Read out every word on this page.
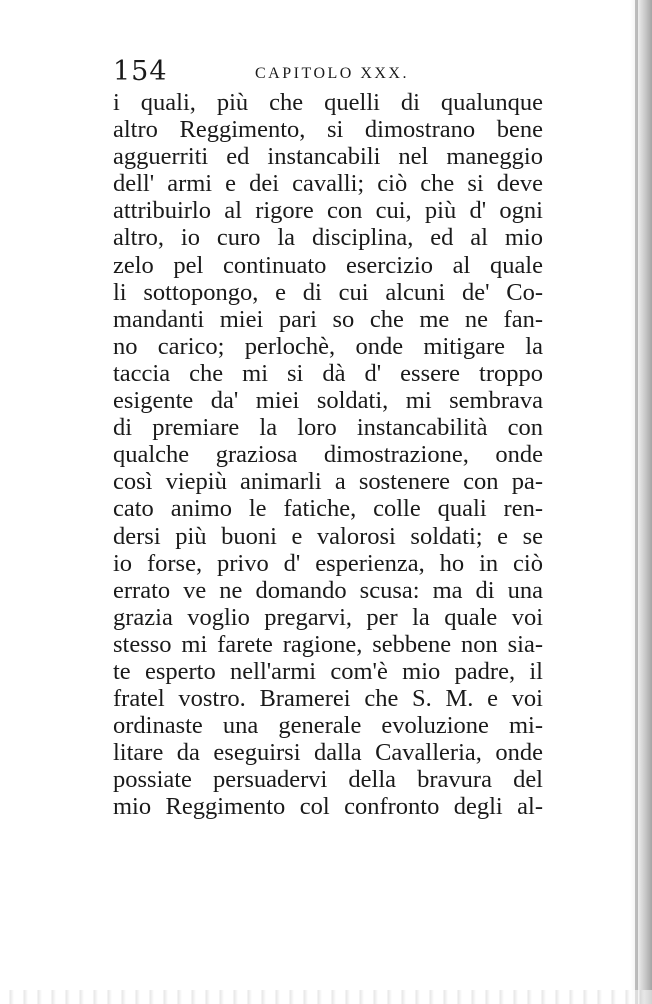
154	CAPITOLO XXX.
i quali, più che quelli di qualunque
altro Reggimento, si dimostrano bene
agguerriti ed instancabili nel maneggio
dell' armi e dei cavalli; ciò che si deve
attribuirlo al rigore con cui, più d' ogni
altro, io curo la disciplina, ed al mio
zelo pel continuato esercizio al quale
li sottopongo, e di cui alcuni de' Co-
mandanti miei pari so che me ne fan-
no carico; perlochè, onde mitigare la
taccia che mi si dà d' essere troppo
esigente da' miei soldati, mi sembrava
di premiare la loro instancabilità con
qualche graziosa dimostrazione, onde
così viepiù animarli a sostenere con pa-
cato animo le fatiche, colle quali ren-
dersi più buoni e valorosi soldati; e se
io forse, privo d' esperienza, ho in ciò
errato ve ne domando scusa: ma di una
grazia voglio pregarvi, per la quale voi
stesso mi farete ragione, sebbene non sia-
te esperto nell'armi com'è mio padre, il
fratel vostro. Bramerei che S. M. e voi
ordinaste una generale evoluzione mi-
litare da eseguirsi dalla Cavalleria, onde
possiate persuadervi della bravura del
mio Reggimento col confronto degli al-
